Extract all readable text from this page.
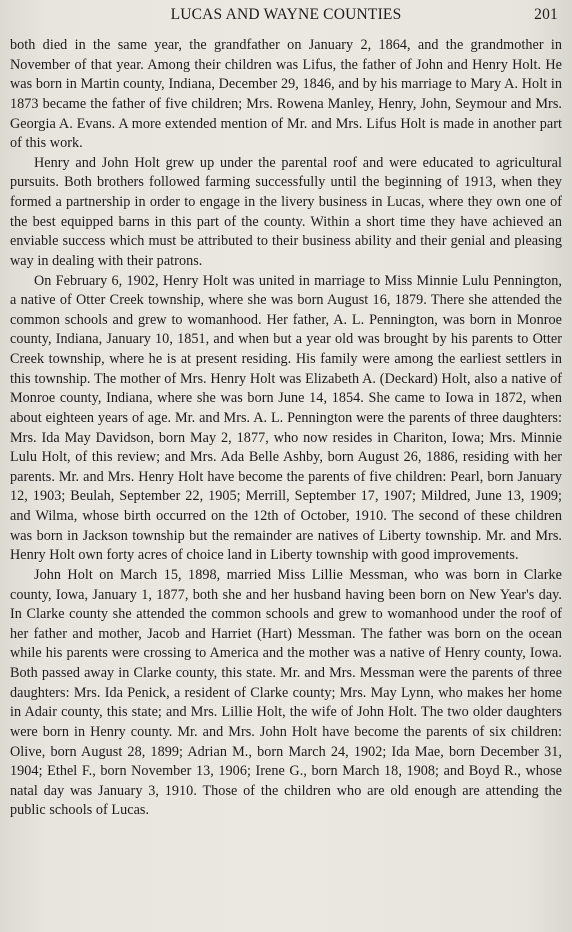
LUCAS AND WAYNE COUNTIES	201

both died in the same year, the grandfather on January 2, 1864, and the grandmother in November of that year. Among their children was Lifus, the father of John and Henry Holt. He was born in Martin county, Indiana, December 29, 1846, and by his marriage to Mary A. Holt in 1873 became the father of five children; Mrs. Rowena Manley, Henry, John, Seymour and Mrs. Georgia A. Evans. A more extended mention of Mr. and Mrs. Lifus Holt is made in another part of this work.

Henry and John Holt grew up under the parental roof and were educated to agricultural pursuits. Both brothers followed farming successfully until the beginning of 1913, when they formed a partnership in order to engage in the livery business in Lucas, where they own one of the best equipped barns in this part of the county. Within a short time they have achieved an enviable success which must be attributed to their business ability and their genial and pleasing way in dealing with their patrons.

On February 6, 1902, Henry Holt was united in marriage to Miss Minnie Lulu Pennington, a native of Otter Creek township, where she was born August 16, 1879. There she attended the common schools and grew to womanhood. Her father, A. L. Pennington, was born in Monroe county, Indiana, January 10, 1851, and when but a year old was brought by his parents to Otter Creek township, where he is at present residing. His family were among the earliest settlers in this township. The mother of Mrs. Henry Holt was Elizabeth A. (Deckard) Holt, also a native of Monroe county, Indiana, where she was born June 14, 1854. She came to Iowa in 1872, when about eighteen years of age. Mr. and Mrs. A. L. Pennington were the parents of three daughters: Mrs. Ida May Davidson, born May 2, 1877, who now resides in Chariton, Iowa; Mrs. Minnie Lulu Holt, of this review; and Mrs. Ada Belle Ashby, born August 26, 1886, residing with her parents. Mr. and Mrs. Henry Holt have become the parents of five children: Pearl, born January 12, 1903; Beulah, September 22, 1905; Merrill, September 17, 1907; Mildred, June 13, 1909; and Wilma, whose birth occurred on the 12th of October, 1910. The second of these children was born in Jackson township but the remainder are natives of Liberty township. Mr. and Mrs. Henry Holt own forty acres of choice land in Liberty township with good improvements.

John Holt on March 15, 1898, married Miss Lillie Messman, who was born in Clarke county, Iowa, January 1, 1877, both she and her husband having been born on New Year's day. In Clarke county she attended the common schools and grew to womanhood under the roof of her father and mother, Jacob and Harriet (Hart) Messman. The father was born on the ocean while his parents were crossing to America and the mother was a native of Henry county, Iowa. Both passed away in Clarke county, this state. Mr. and Mrs. Messman were the parents of three daughters: Mrs. Ida Penick, a resident of Clarke county; Mrs. May Lynn, who makes her home in Adair county, this state; and Mrs. Lillie Holt, the wife of John Holt. The two older daughters were born in Henry county. Mr. and Mrs. John Holt have become the parents of six children: Olive, born August 28, 1899; Adrian M., born March 24, 1902; Ida Mae, born December 31, 1904; Ethel F., born November 13, 1906; Irene G., born March 18, 1908; and Boyd R., whose natal day was January 3, 1910. Those of the children who are old enough are attending the public schools of Lucas.
